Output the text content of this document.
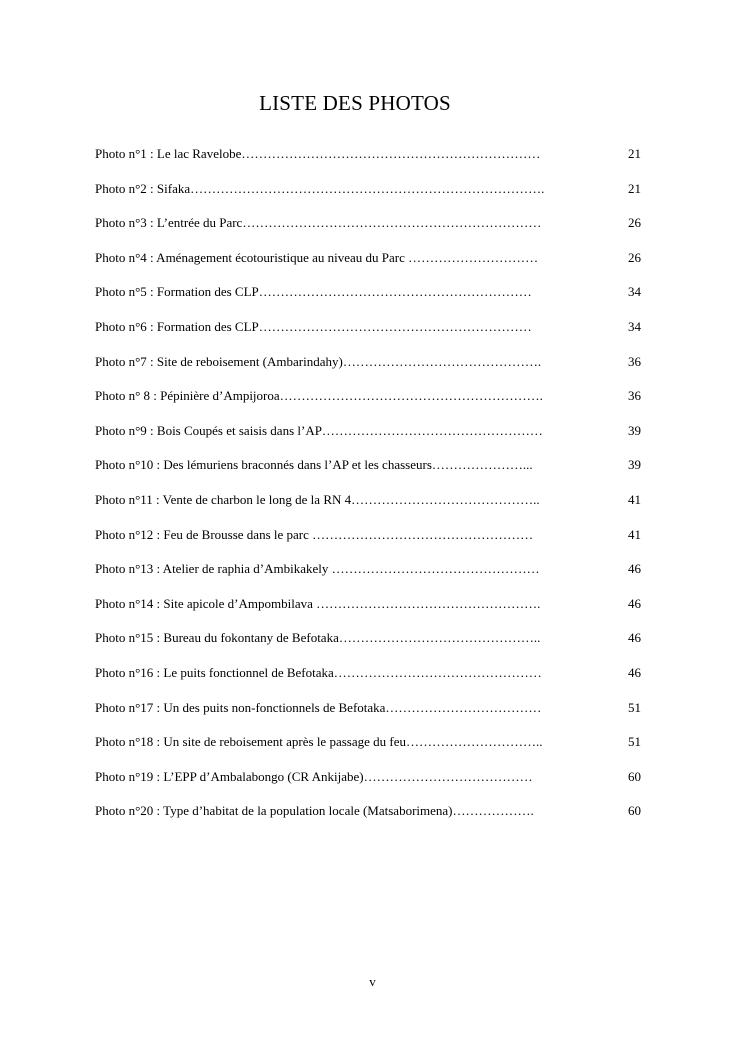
LISTE DES PHOTOS
Photo n°1 : Le lac Ravelobe……………………………………………………………	21
Photo n°2 : Sifaka……………………………………………………………………….	21
Photo n°3 : L’entrée du Parc……………………………………………………………	26
Photo n°4 : Aménagement écotouristique au niveau du Parc …………………………	26
Photo n°5 : Formation des CLP………………………………………………………	34
Photo n°6 : Formation des CLP………………………………………………………	34
Photo n°7 : Site de reboisement (Ambarindahy)……………………………………….	36
Photo n° 8 : Pépinière d’Ampijoroa…………………………………………………….	36
Photo n°9 : Bois Coupés et saisis dans l’AP……………………………………………	39
Photo n°10 : Des lémuriens braconnés dans l’AP et les chasseurs…………………...	39
Photo n°11 : Vente de charbon le long de la RN 4……………………………………..	41
Photo n°12 : Feu de Brousse dans le parc ……………………………………………	41
Photo n°13 : Atelier de raphia d’Ambikakely …………………………………………	46
Photo n°14 : Site apicole d’Ampombilava …………………………………………….	46
Photo n°15 : Bureau du fokontany de Befotaka………………………………………..	46
Photo n°16 : Le puits fonctionnel de Befotaka…………………………………………	46
Photo n°17 : Un des puits non-fonctionnels de Befotaka………………………………	51
Photo n°18 : Un site de reboisement après le passage du feu…………………………..	51
Photo n°19 : L’EPP d’Ambalabongo (CR Ankijabe)…………………………………	60
Photo n°20 : Type d’habitat de la population locale (Matsaborimena)……………….	60
v
